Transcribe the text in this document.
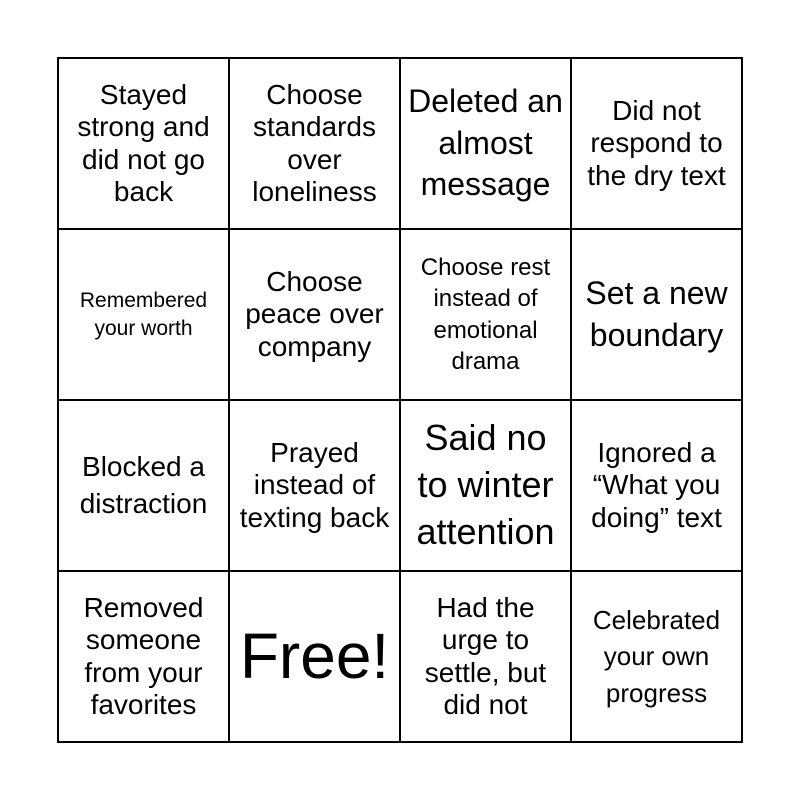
Stayed strong and did not go back
Choose standards over loneliness
Deleted an almost message
Did not respond to the dry text
Remembered your worth
Choose peace over company
Choose rest instead of emotional drama
Set a new boundary
Blocked a distraction
Prayed instead of texting back
Said no to winter attention
Ignored a “What you doing” text
Removed someone from your favorites
Free!
Had the urge to settle, but did not
Celebrated your own progress
